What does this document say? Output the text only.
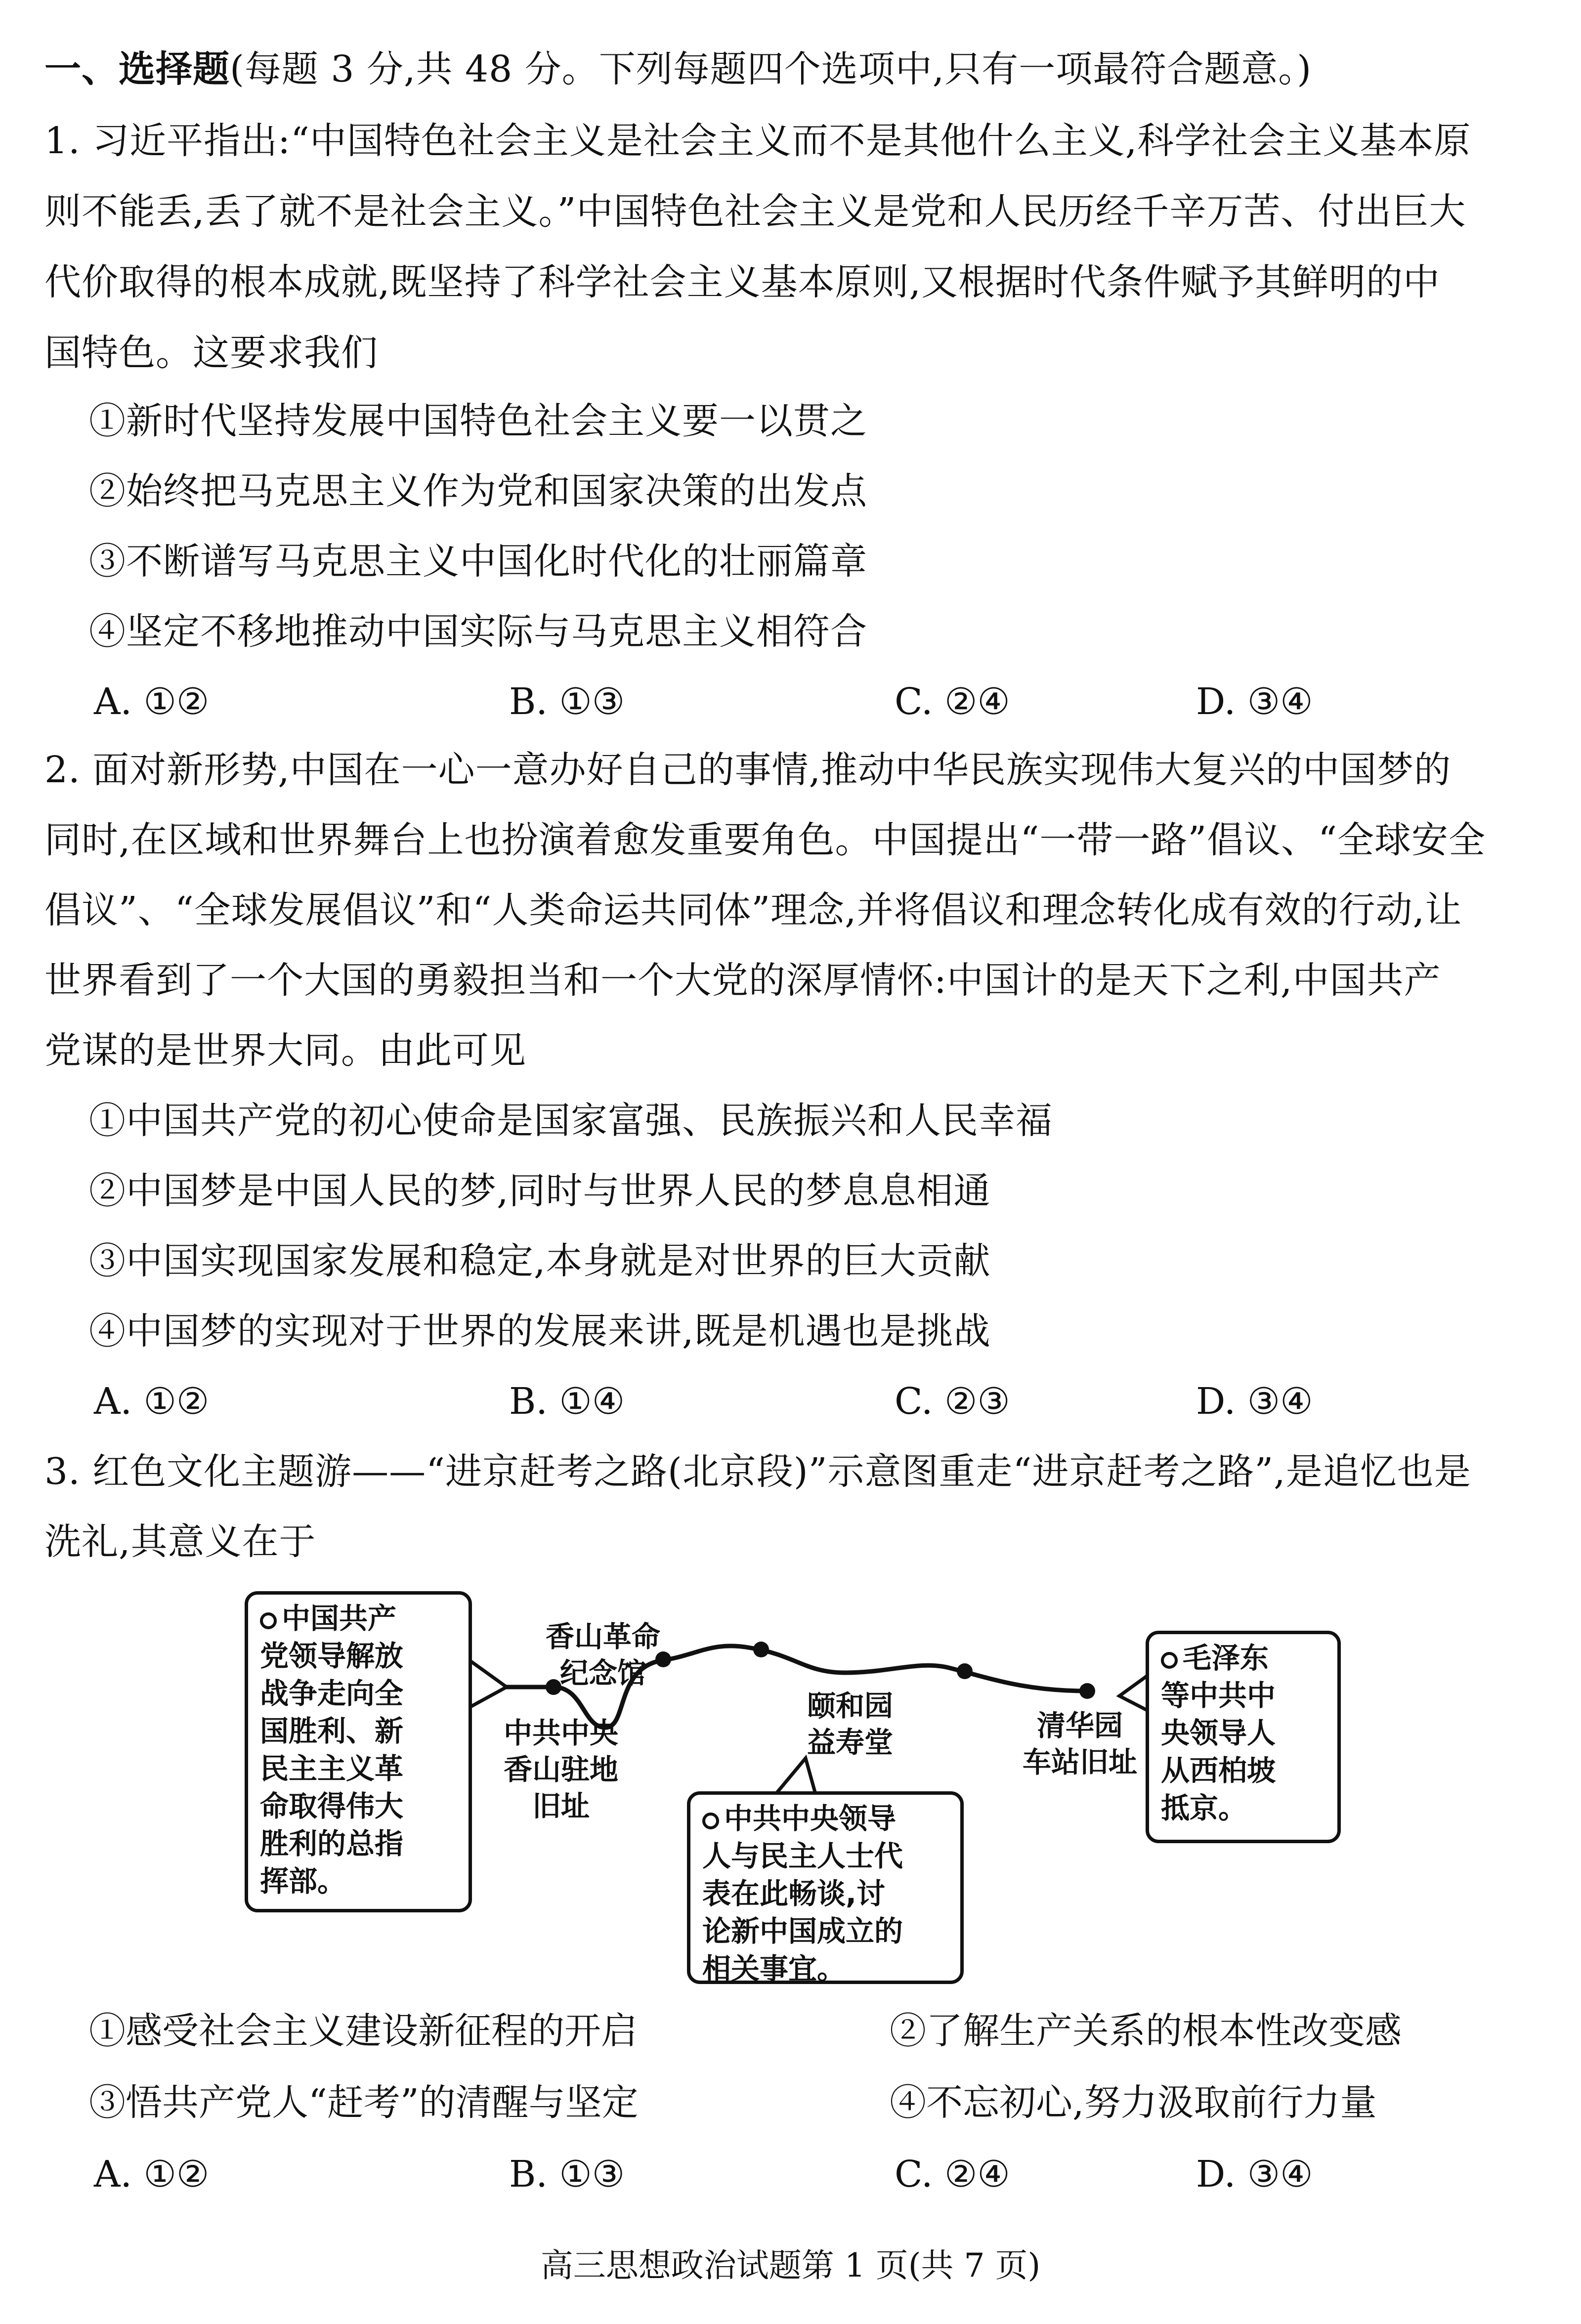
一、选择题(每题 3 分,共 48 分。下列每题四个选项中,只有一项最符合题意。)
1. 习近平指出:“中国特色社会主义是社会主义而不是其他什么主义,科学社会主义基本原
则不能丢,丢了就不是社会主义。”中国特色社会主义是党和人民历经千辛万苦、付出巨大
代价取得的根本成就,既坚持了科学社会主义基本原则,又根据时代条件赋予其鲜明的中
国特色。这要求我们
①新时代坚持发展中国特色社会主义要一以贯之
②始终把马克思主义作为党和国家决策的出发点
③不断谱写马克思主义中国化时代化的壮丽篇章
④坚定不移地推动中国实际与马克思主义相符合
A. ①②	B. ①③	C. ②④	D. ③④
2. 面对新形势,中国在一心一意办好自己的事情,推动中华民族实现伟大复兴的中国梦的
同时,在区域和世界舞台上也扮演着愈发重要角色。中国提出“一带一路”倡议、“全球安全
倡议”、“全球发展倡议”和“人类命运共同体”理念,并将倡议和理念转化成有效的行动,让
世界看到了一个大国的勇毅担当和一个大党的深厚情怀:中国计的是天下之利,中国共产
党谋的是世界大同。由此可见
①中国共产党的初心使命是国家富强、民族振兴和人民幸福
②中国梦是中国人民的梦,同时与世界人民的梦息息相通
③中国实现国家发展和稳定,本身就是对世界的巨大贡献
④中国梦的实现对于世界的发展来讲,既是机遇也是挑战
A. ①②	B. ①④	C. ②③	D. ③④
3. 红色文化主题游——“进京赶考之路(北京段)”示意图重走“进京赶考之路”,是追忆也是
洗礼,其意义在于
中国共产
党领导解放
战争走向全
国胜利、新
民主主义革
命取得伟大
胜利的总指
挥部。
香山革命
纪念馆
中共中央
香山驻地
旧址
颐和园
益寿堂	清华园
车站旧址
中共中央领导
人与民主人士代
表在此畅谈,讨
论新中国成立的
相关事宜。
毛泽东
等中共中
央领导人
从西柏坡
抵京。
①感受社会主义建设新征程的开启	②了解生产关系的根本性改变感
③悟共产党人“赶考”的清醒与坚定	④不忘初心,努力汲取前行力量
A. ①②	B. ①③	C. ②④	D. ③④
高三思想政治试题第 1 页(共 7 页)
